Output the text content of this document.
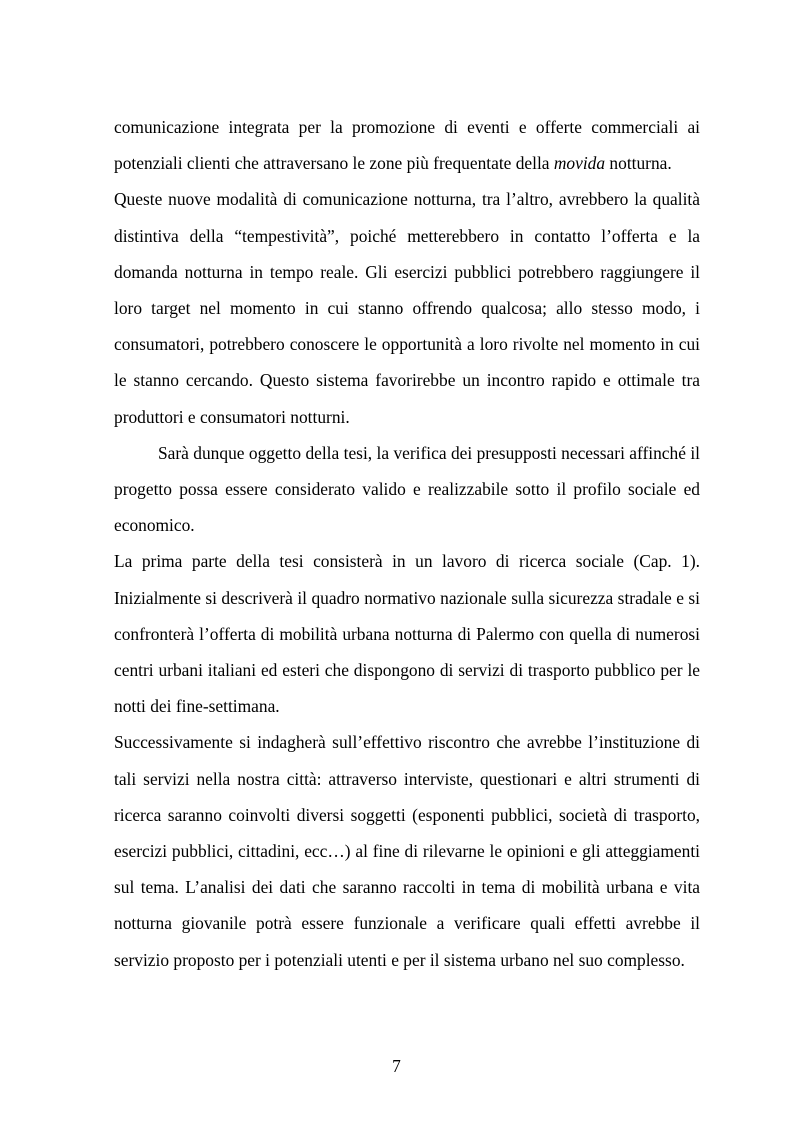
comunicazione integrata per la promozione di eventi e offerte commerciali ai potenziali clienti che attraversano le zone più frequentate della movida notturna.

Queste nuove modalità di comunicazione notturna, tra l’altro, avrebbero la qualità distintiva della “tempestività”, poiché metterebbero in contatto l’offerta e la domanda notturna in tempo reale. Gli esercizi pubblici potrebbero raggiungere il loro target nel momento in cui stanno offrendo qualcosa; allo stesso modo, i consumatori, potrebbero conoscere le opportunità a loro rivolte nel momento in cui le stanno cercando. Questo sistema favorirebbe un incontro rapido e ottimale tra produttori e consumatori notturni.

Sarà dunque oggetto della tesi, la verifica dei presupposti necessari affinché il progetto possa essere considerato valido e realizzabile sotto il profilo sociale ed economico.

La prima parte della tesi consisterà in un lavoro di ricerca sociale (Cap. 1). Inizialmente si descriverà il quadro normativo nazionale sulla sicurezza stradale e si confronterà l’offerta di mobilità urbana notturna di Palermo con quella di numerosi centri urbani italiani ed esteri che dispongono di servizi di trasporto pubblico per le notti dei fine-settimana.

Successivamente si indagherà sull’effettivo riscontro che avrebbe l’instituzione di tali servizi nella nostra città: attraverso interviste, questionari e altri strumenti di ricerca saranno coinvolti diversi soggetti (esponenti pubblici, società di trasporto, esercizi pubblici, cittadini, ecc…) al fine di rilevarne le opinioni e gli atteggiamenti sul tema. L’analisi dei dati che saranno raccolti in tema di mobilità urbana e vita notturna giovanile potrà essere funzionale a verificare quali effetti avrebbe il servizio proposto per i potenziali utenti e per il sistema urbano nel suo complesso.

7
